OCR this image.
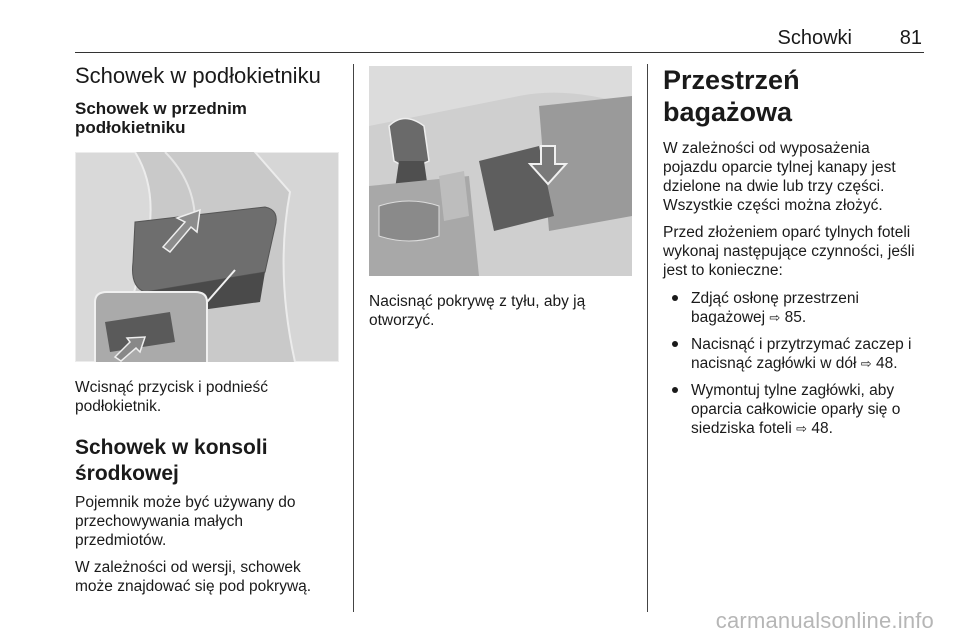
Schowki 81
Schowek w podłokietniku
Schowek w przednim podłokietniku

Wcisnąć przycisk i podnieść podłokietnik.

Schowek w konsoli środkowej

Pojemnik może być używany do przechowywania małych przedmiotów.

W zależności od wersji, schowek może znajdować się pod pokrywą.

Nacisnąć pokrywę z tyłu, aby ją otworzyć.

Przestrzeń bagażowa

W zależności od wyposażenia pojazdu oparcie tylnej kanapy jest dzielone na dwie lub trzy części. Wszystkie części można złożyć.

Przed złożeniem oparć tylnych foteli wykonaj następujące czynności, jeśli jest to konieczne:

Zdjąć osłonę przestrzeni bagażowej ⇨ 85.
Nacisnąć i przytrzymać zaczep i nacisnąć zagłówki w dół ⇨ 48.
Wymontuj tylne zagłówki, aby oparcia całkowicie oparły się o siedziska foteli ⇨ 48.
carmanualsonline.info
